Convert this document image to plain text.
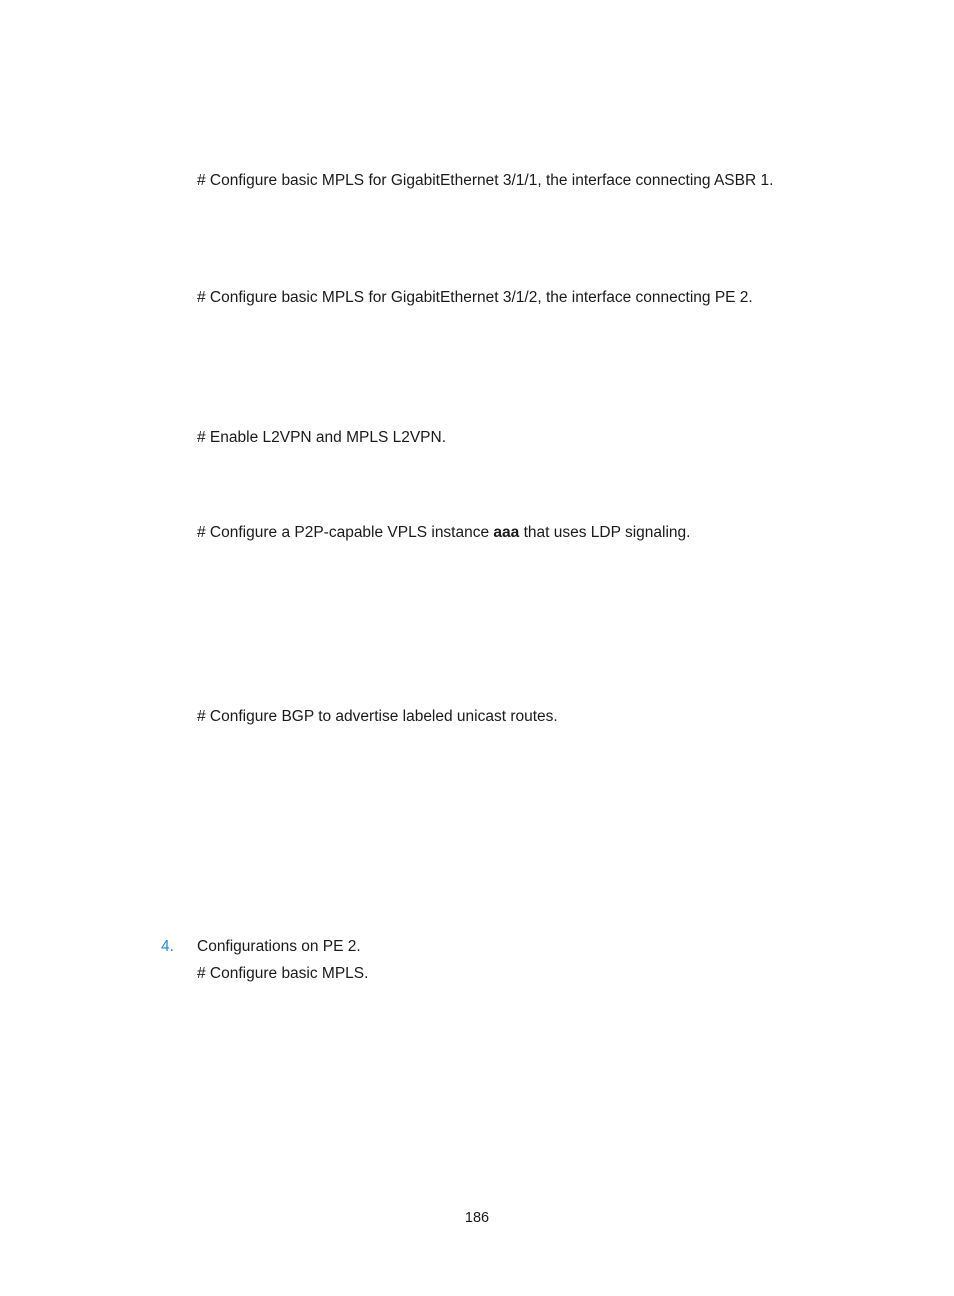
# Configure basic MPLS for GigabitEthernet 3/1/1, the interface connecting ASBR 1.
# Configure basic MPLS for GigabitEthernet 3/1/2, the interface connecting PE 2.
# Enable L2VPN and MPLS L2VPN.
# Configure a P2P-capable VPLS instance aaa that uses LDP signaling.
# Configure BGP to advertise labeled unicast routes.
4. Configurations on PE 2.
# Configure basic MPLS.
186
